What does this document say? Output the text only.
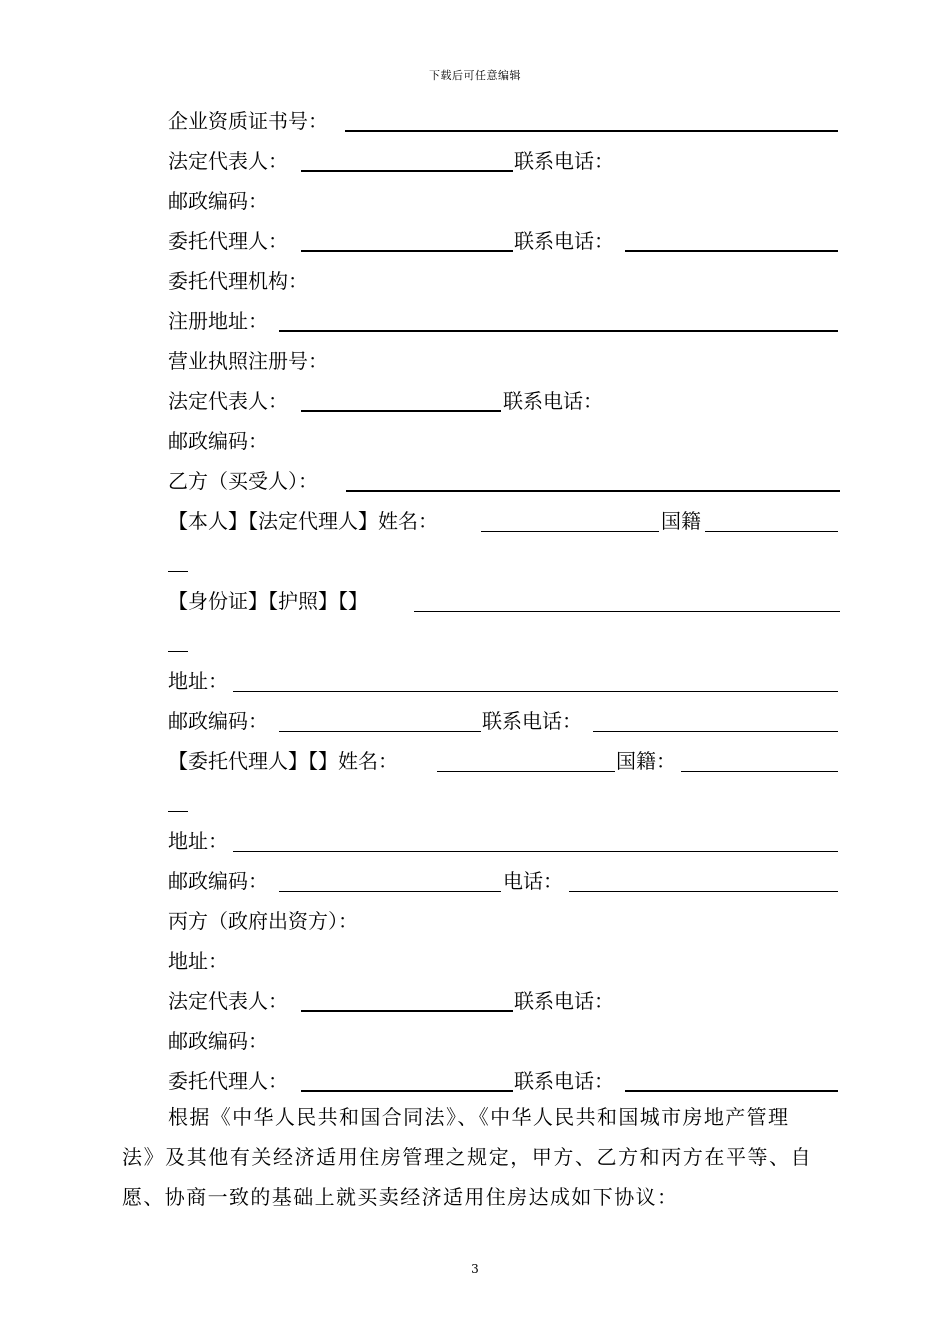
下载后可任意编辑
企业资质证书号：
法定代表人：	联系电话：
邮政编码：
委托代理人：	联系电话：
委托代理机构：
注册地址：
营业执照注册号：
法定代表人：	联系电话：
邮政编码：
乙方（买受人）：
【本人】【法定代理人】姓名：	国籍
【身份证】【护照】【】
地址：
邮政编码：	联系电话：
【委托代理人】【】姓名：	国籍：
地址：
邮政编码：	电话：
丙方（政府出资方）：
地址：
法定代表人：	联系电话：
邮政编码：
委托代理人：	联系电话：
根据《中华人民共和国合同法》、《中华人民共和国城市房地产管理
法》及其他有关经济适用住房管理之规定，甲方、乙方和丙方在平等、自
愿、协商一致的基础上就买卖经济适用住房达成如下协议：
3
